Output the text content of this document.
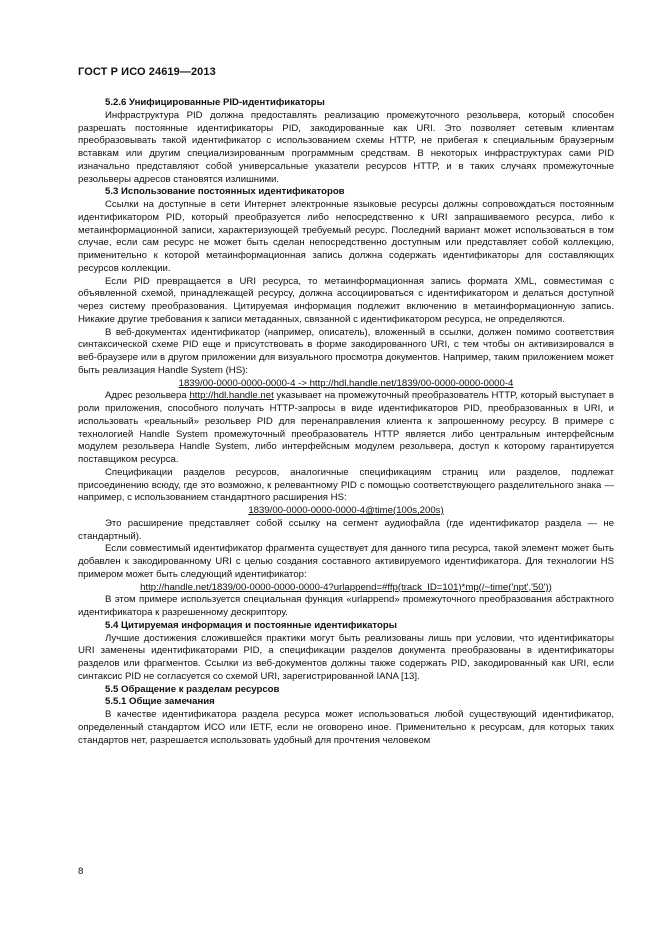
ГОСТ Р ИСО 24619—2013

5.2.6 Унифицированные PID-идентификаторы

Инфраструктура PID должна предоставлять реализацию промежуточного резольвера, который способен разрешать постоянные идентификаторы PID, закодированные как URI. Это позволяет сетевым клиентам преобразовывать такой идентификатор с использованием схемы HTTP, не прибегая к специальным браузерным вставкам или другим специализированным программным средствам. В некоторых инфраструктурах сами PID изначально представляют собой универсальные указатели ресурсов HTTP, и в таких случаях промежуточные резольверы адресов становятся излишними.

5.3 Использование постоянных идентификаторов

Ссылки на доступные в сети Интернет электронные языковые ресурсы должны сопровождаться постоянным идентификатором PID, который преобразуется либо непосредственно к URI запрашиваемого ресурса, либо к метаинформационной записи, характеризующей требуемый ресурс. Последний вариант может использоваться в том случае, если сам ресурс не может быть сделан непосредственно доступным или представляет собой коллекцию, применительно к которой метаинформационная запись должна содержать идентификаторы для составляющих ресурсов коллекции.

Если PID превращается в URI ресурса, то метаинформационная запись формата XML, совместимая с объявленной схемой, принадлежащей ресурсу, должна ассоциироваться с идентификатором и делаться доступной через систему преобразования. Цитируемая информация подлежит включению в метаинформационную запись. Никакие другие требования к записи метаданных, связанной с идентификатором ресурса, не определяются.

В веб-документах идентификатор (например, описатель), вложенный в ссылки, должен помимо соответствия синтаксической схеме PID еще и присутствовать в форме закодированного URI, с тем чтобы он активизировался в веб-браузере или в другом приложении для визуального просмотра документов. Например, таким приложением может быть реализация Handle System (HS):

1839/00-0000-0000-0000-4 -> http://hdl.handle.net/1839/00-0000-0000-0000-4

Адрес резольвера http://hdl.handle.net указывает на промежуточный преобразователь HTTP, который выступает в роли приложения, способного получать HTTP-запросы в виде идентификаторов PID, преобразованных в URI, и использовать «реальный» резольвер PID для перенаправления клиента к запрошенному ресурсу. В примере с технологией Handle System промежуточный преобразователь HTTP является либо центральным интерфейсным модулем резольвера Handle System, либо интерфейсным модулем резольвера, доступ к которому гарантируется поставщиком ресурса.

Спецификации разделов ресурсов, аналогичные спецификациям страниц или разделов, подлежат присоединению всюду, где это возможно, к релевантному PID с помощью соответствующего разделительного знака — например, с использованием стандартного расширения HS:

1839/00-0000-0000-0000-4@time(100s,200s)

Это расширение представляет собой ссылку на сегмент аудиофайла (где идентификатор раздела — не стандартный).

Если совместимый идентификатор фрагмента существует для данного типа ресурса, такой элемент может быть добавлен к закодированному URI с целью создания составного активируемого идентификатора. Для технологии HS примером может быть следующий идентификатор:

http://handle.net/1839/00-0000-0000-0000-4?urlappend=#ffp(track_ID=101)*mp(/~time('npt','50'))

В этом примере используется специальная функция «urlappend» промежуточного преобразования абстрактного идентификатора к разрешенному дескриптору.

5.4 Цитируемая информация и постоянные идентификаторы

Лучшие достижения сложившейся практики могут быть реализованы лишь при условии, что идентификаторы URI заменены идентификаторами PID, а спецификации разделов документа преобразованы в идентификаторы разделов или фрагментов. Ссылки из веб-документов должны также содержать PID, закодированный как URI, если синтаксис PID не согласуется со схемой URI, зарегистрированной IANA [13].

5.5 Обращение к разделам ресурсов

5.5.1 Общие замечания

В качестве идентификатора раздела ресурса может использоваться любой существующий идентификатор, определенный стандартом ИСО или IETF, если не оговорено иное. Применительно к ресурсам, для которых таких стандартов нет, разрешается использовать удобный для прочтения человеком

8
